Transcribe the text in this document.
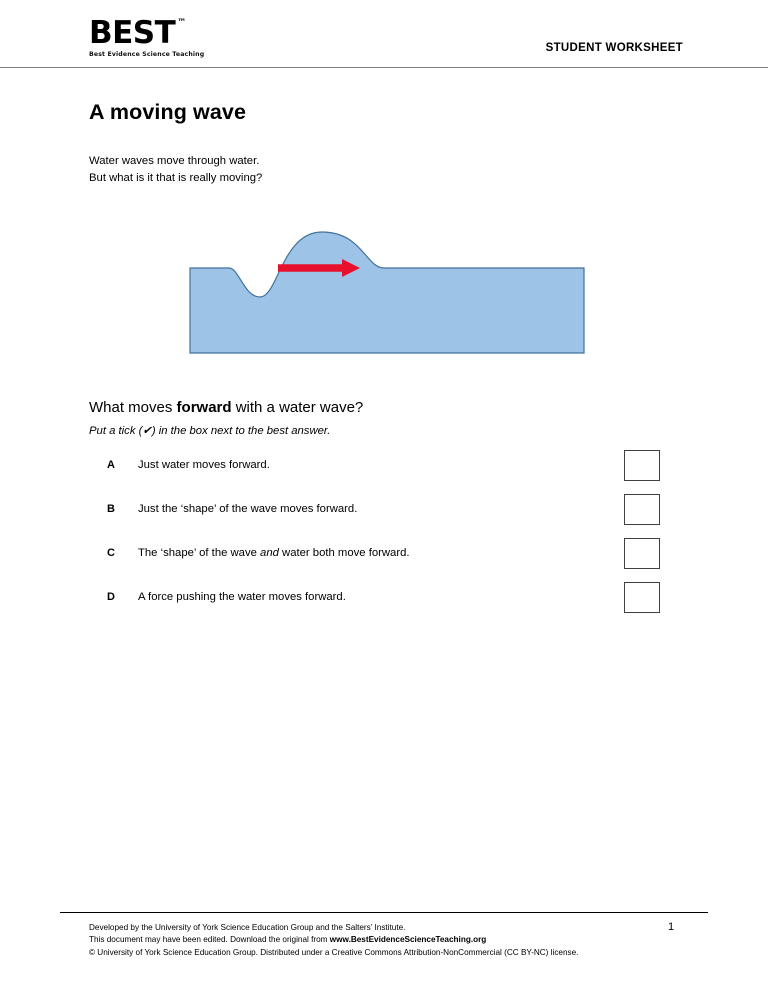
BEST ™
Best Evidence Science Teaching
STUDENT WORKSHEET
A moving wave
Water waves move through water.
But what is it that is really moving?
What moves forward with a water wave?
Put a tick (✔) in the box next to the best answer.
A Just water moves forward.
B Just the ‘shape’ of the wave moves forward.
C The ‘shape’ of the wave and water both move forward.
D A force pushing the water moves forward.
Developed by the University of York Science Education Group and the Salters’ Institute.
This document may have been edited. Download the original from www.BestEvidenceScienceTeaching.org
© University of York Science Education Group. Distributed under a Creative Commons Attribution-NonCommercial (CC BY-NC) license.
1
